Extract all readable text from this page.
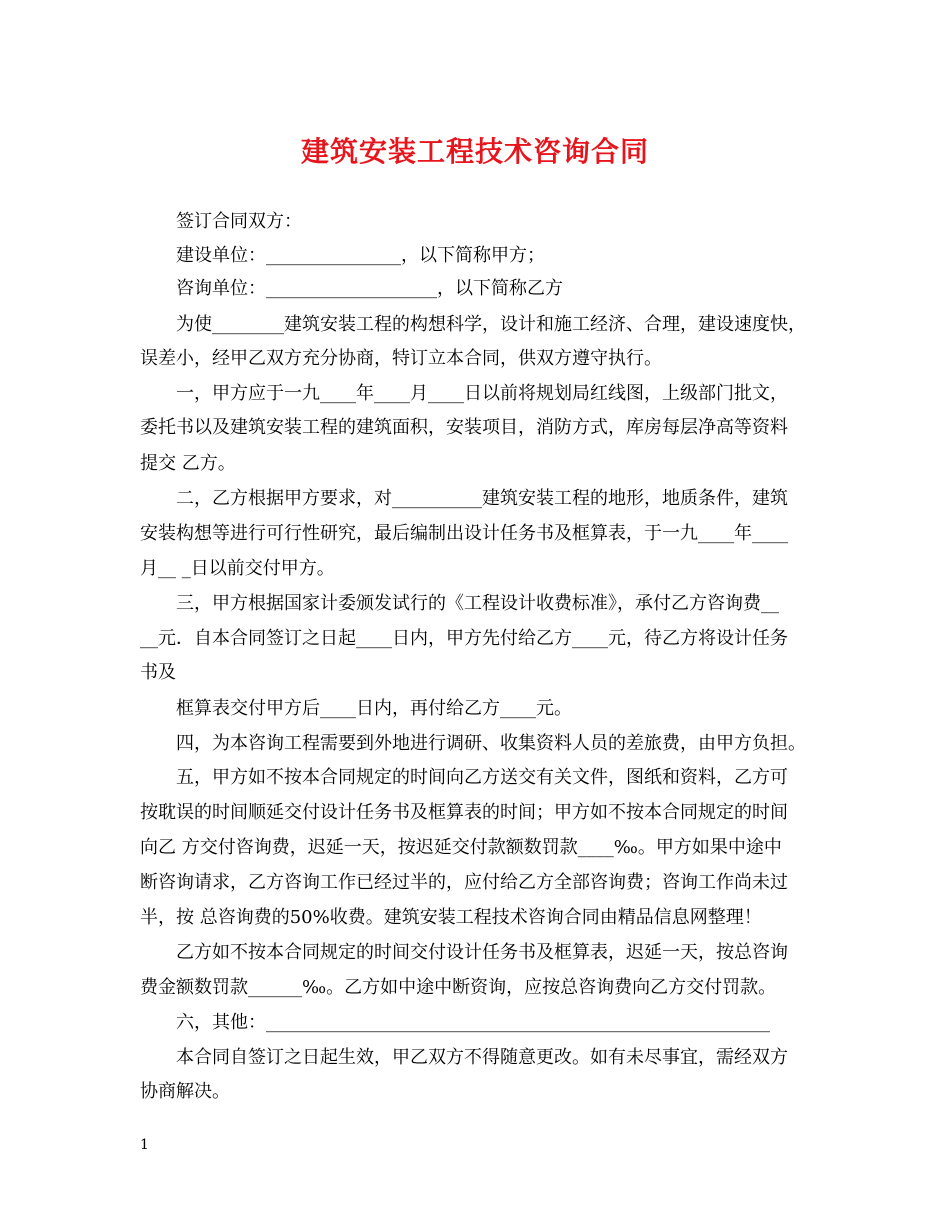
建筑安装工程技术咨询合同
签订合同双方：
建设单位：_______________，以下简称甲方；
咨询单位：___________________，以下简称乙方
为使________建筑安装工程的构想科学，设计和施工经济、合理，建设速度快，
误差小，经甲乙双方充分协商，特订立本合同，供双方遵守执行。
一，甲方应于一九____年____月____日以前将规划局红线图，上级部门批文，
委托书以及建筑安装工程的建筑面积，安装项目，消防方式，库房每层净高等资料
提交 乙方。
二，乙方根据甲方要求，对__________建筑安装工程的地形，地质条件，建筑
安装构想等进行可行性研究，最后编制出设计任务书及框算表，于一九____年____
月__ _日以前交付甲方。
三，甲方根据国家计委颁发试行的《工程设计收费标准》，承付乙方咨询费__
__元．自本合同签订之日起____日内，甲方先付给乙方____元，待乙方将设计任务
书及
框算表交付甲方后____日内，再付给乙方____元。
四，为本咨询工程需要到外地进行调研、收集资料人员的差旅费，由甲方负担。
五，甲方如不按本合同规定的时间向乙方送交有关文件，图纸和资料，乙方可
按耽误的时间顺延交付设计任务书及框算表的时间；甲方如不按本合同规定的时间
向乙 方交付咨询费，迟延一天，按迟延交付款额数罚款____‰。甲方如果中途中
断咨询请求，乙方咨询工作已经过半的，应付给乙方全部咨询费；咨询工作尚未过
半，按 总咨询费的50%收费。建筑安装工程技术咨询合同由精品信息网整理！
乙方如不按本合同规定的时间交付设计任务书及框算表，迟延一天，按总咨询
费金额数罚款______‰。乙方如中途中断资询，应按总咨询费向乙方交付罚款。
六，其他：________________________________________________________
本合同自签订之日起生效，甲乙双方不得随意更改。如有未尽事宜，需经双方
协商解决。
1
